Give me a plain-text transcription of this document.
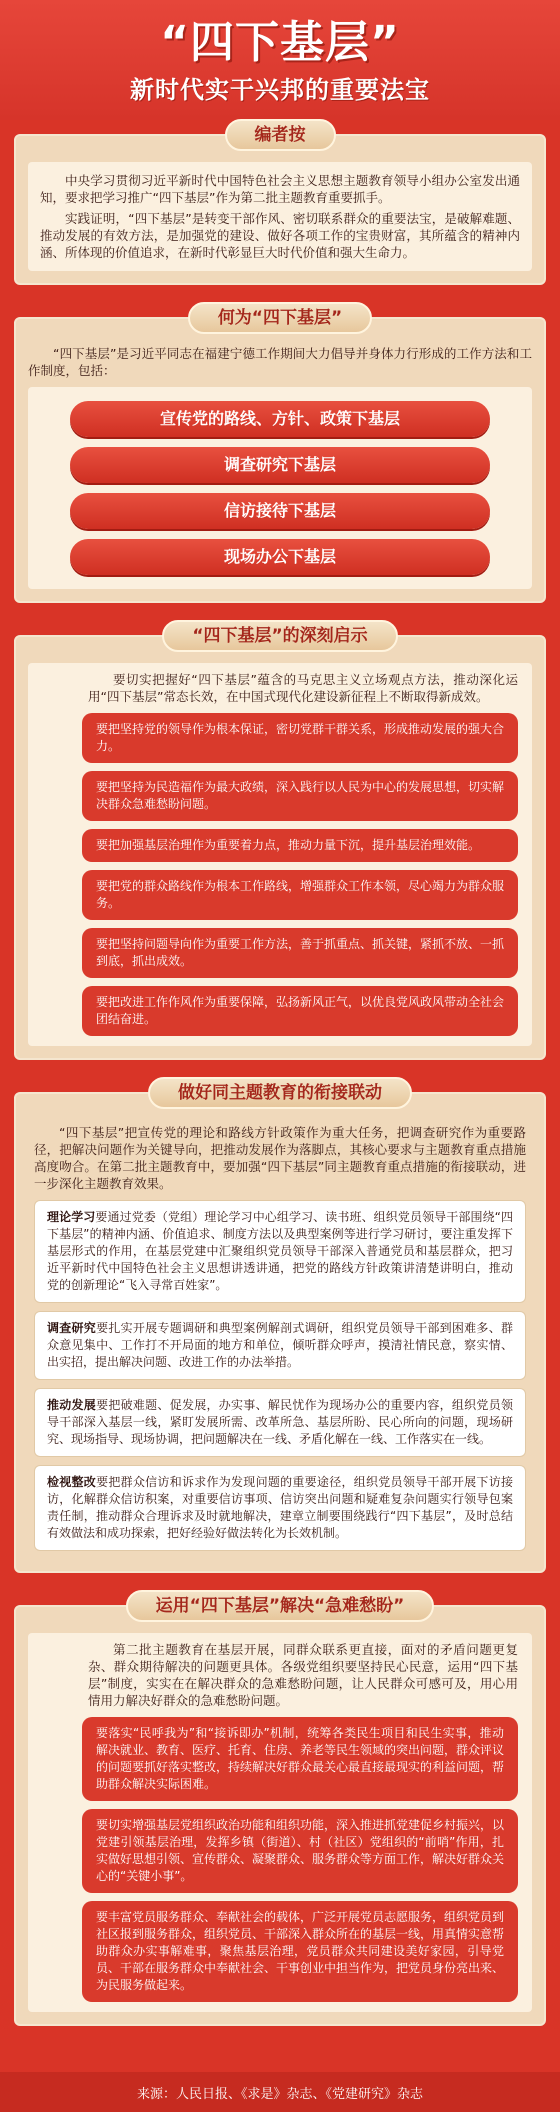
“四下基层”
新时代实干兴邦的重要法宝
编者按

中央学习贯彻习近平新时代中国特色社会主义思想主题教育领导小组办公室发出通知，要求把学习推广“四下基层”作为第二批主题教育重要抓手。

实践证明，“四下基层”是转变干部作风、密切联系群众的重要法宝，是破解难题、推动发展的有效方法，是加强党的建设、做好各项工作的宝贵财富，其所蕴含的精神内涵、所体现的价值追求，在新时代彰显巨大时代价值和强大生命力。

何为“四下基层”

“四下基层”是习近平同志在福建宁德工作期间大力倡导并身体力行形成的工作方法和工作制度，包括：

宣传党的路线、方针、政策下基层
调查研究下基层
信访接待下基层
现场办公下基层
“四下基层”的深刻启示

要切实把握好“四下基层”蕴含的马克思主义立场观点方法，推动深化运用“四下基层”常态长效，在中国式现代化建设新征程上不断取得新成效。

要把坚持党的领导作为根本保证，密切党群干群关系，形成推动发展的强大合力。
要把坚持为民造福作为最大政绩，深入践行以人民为中心的发展思想，切实解决群众急难愁盼问题。
要把加强基层治理作为重要着力点，推动力量下沉，提升基层治理效能。
要把党的群众路线作为根本工作路线，增强群众工作本领，尽心竭力为群众服务。
要把坚持问题导向作为重要工作方法，善于抓重点、抓关键，紧抓不放、一抓到底，抓出成效。
要把改进工作作风作为重要保障，弘扬新风正气，以优良党风政风带动全社会团结奋进。
做好同主题教育的衔接联动

“四下基层”把宣传党的理论和路线方针政策作为重大任务，把调查研究作为重要路径，把解决问题作为关键导向，把推动发展作为落脚点，其核心要求与主题教育重点措施高度吻合。在第二批主题教育中，要加强“四下基层”同主题教育重点措施的衔接联动，进一步深化主题教育效果。

理论学习要通过党委（党组）理论学习中心组学习、读书班、组织党员领导干部围绕“四下基层”的精神内涵、价值追求、制度方法以及典型案例等进行学习研讨，要注重发挥下基层形式的作用，在基层党建中汇聚组织党员领导干部深入普通党员和基层群众，把习近平新时代中国特色社会主义思想讲透讲通，把党的路线方针政策讲清楚讲明白，推动党的创新理论“飞入寻常百姓家”。
调查研究要扎实开展专题调研和典型案例解剖式调研，组织党员领导干部到困难多、群众意见集中、工作打不开局面的地方和单位，倾听群众呼声，摸清社情民意，察实情、出实招，提出解决问题、改进工作的办法举措。
推动发展要把破难题、促发展，办实事、解民忧作为现场办公的重要内容，组织党员领导干部深入基层一线，紧盯发展所需、改革所急、基层所盼、民心所向的问题，现场研究、现场指导、现场协调，把问题解决在一线、矛盾化解在一线、工作落实在一线。
检视整改要把群众信访和诉求作为发现问题的重要途径，组织党员领导干部开展下访接访，化解群众信访积案，对重要信访事项、信访突出问题和疑难复杂问题实行领导包案责任制，推动群众合理诉求及时就地解决，建章立制要围绕践行“四下基层”，及时总结有效做法和成功探索，把好经验好做法转化为长效机制。
运用“四下基层”解决“急难愁盼”

第二批主题教育在基层开展，同群众联系更直接，面对的矛盾问题更复杂、群众期待解决的问题更具体。各级党组织要坚持民心民意，运用“四下基层”制度，实实在在解决群众的急难愁盼问题，让人民群众可感可及，用心用情用力解决好群众的急难愁盼问题。

要落实“民呼我为”和“接诉即办”机制，统筹各类民生项目和民生实事，推动解决就业、教育、医疗、托育、住房、养老等民生领域的突出问题，群众评议的问题要抓好落实整改，持续解决好群众最关心最直接最现实的利益问题，帮助群众解决实际困难。
要切实增强基层党组织政治功能和组织功能，深入推进抓党建促乡村振兴，以党建引领基层治理，发挥乡镇（街道）、村（社区）党组织的“前哨”作用，扎实做好思想引领、宣传群众、凝聚群众、服务群众等方面工作，解决好群众关心的“关键小事”。
要丰富党员服务群众、奉献社会的载体，广泛开展党员志愿服务，组织党员到社区报到服务群众，组织党员、干部深入群众所在的基层一线，用真情实意帮助群众办实事解难事，聚焦基层治理，党员群众共同建设美好家园，引导党员、干部在服务群众中奉献社会、干事创业中担当作为，把党员身份亮出来、为民服务做起来。
来源：人民日报、《求是》杂志、《党建研究》杂志
